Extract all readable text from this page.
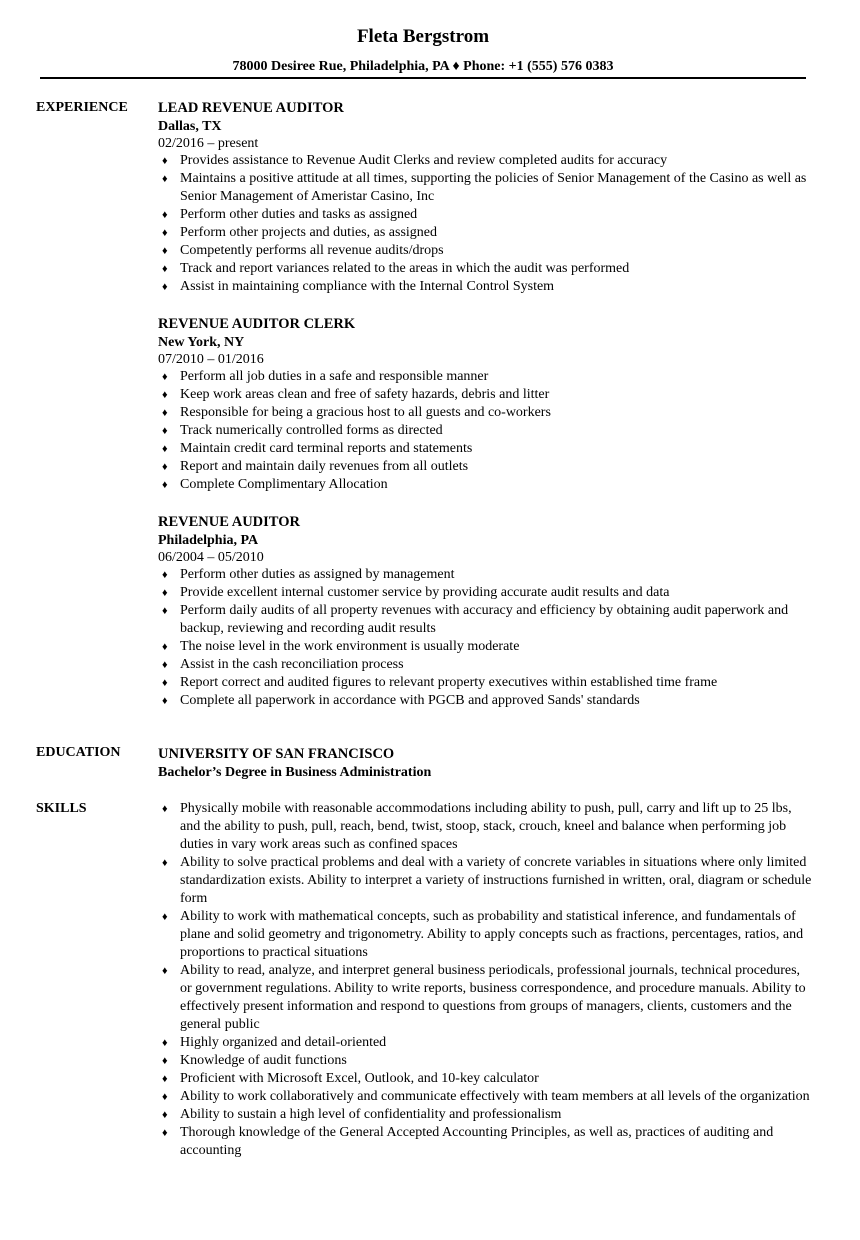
Fleta Bergstrom
78000 Desiree Rue, Philadelphia, PA ♦ Phone: +1 (555) 576 0383
EXPERIENCE LEAD REVENUE AUDITOR
Dallas, TX
02/2016 – present
♦ Provides assistance to Revenue Audit Clerks and review completed audits for accuracy
♦ Maintains a positive attitude at all times, supporting the policies of Senior Management of the Casino as well as Senior Management of Ameristar Casino, Inc
♦ Perform other duties and tasks as assigned
♦ Perform other projects and duties, as assigned
♦ Competently performs all revenue audits/drops
♦ Track and report variances related to the areas in which the audit was performed
♦ Assist in maintaining compliance with the Internal Control System
REVENUE AUDITOR CLERK
New York, NY
07/2010 – 01/2016
♦ Perform all job duties in a safe and responsible manner
♦ Keep work areas clean and free of safety hazards, debris and litter
♦ Responsible for being a gracious host to all guests and co-workers
♦ Track numerically controlled forms as directed
♦ Maintain credit card terminal reports and statements
♦ Report and maintain daily revenues from all outlets
♦ Complete Complimentary Allocation
REVENUE AUDITOR
Philadelphia, PA
06/2004 – 05/2010
♦ Perform other duties as assigned by management
♦ Provide excellent internal customer service by providing accurate audit results and data
♦ Perform daily audits of all property revenues with accuracy and efficiency by obtaining audit paperwork and backup, reviewing and recording audit results
♦ The noise level in the work environment is usually moderate
♦ Assist in the cash reconciliation process
♦ Report correct and audited figures to relevant property executives within established time frame
♦ Complete all paperwork in accordance with PGCB and approved Sands' standards
EDUCATION	UNIVERSITY OF SAN FRANCISCO
Bachelor’s Degree in Business Administration
SKILLS	♦ Physically mobile with reasonable accommodations including ability to push, pull, carry and lift up to 25 lbs, and the ability to push, pull, reach, bend, twist, stoop, stack, crouch, kneel and balance when performing job duties in vary work areas such as confined spaces
♦ Ability to solve practical problems and deal with a variety of concrete variables in situations where only limited standardization exists. Ability to interpret a variety of instructions furnished in written, oral, diagram or schedule form
♦ Ability to work with mathematical concepts, such as probability and statistical inference, and fundamentals of plane and solid geometry and trigonometry. Ability to apply concepts such as fractions, percentages, ratios, and proportions to practical situations
♦ Ability to read, analyze, and interpret general business periodicals, professional journals, technical procedures, or government regulations. Ability to write reports, business correspondence, and procedure manuals. Ability to effectively present information and respond to questions from groups of managers, clients, customers and the general public
♦ Highly organized and detail-oriented
♦ Knowledge of audit functions
♦ Proficient with Microsoft Excel, Outlook, and 10-key calculator
♦ Ability to work collaboratively and communicate effectively with team members at all levels of the organization
♦ Ability to sustain a high level of confidentiality and professionalism
♦ Thorough knowledge of the General Accepted Accounting Principles, as well as, practices of auditing and accounting
